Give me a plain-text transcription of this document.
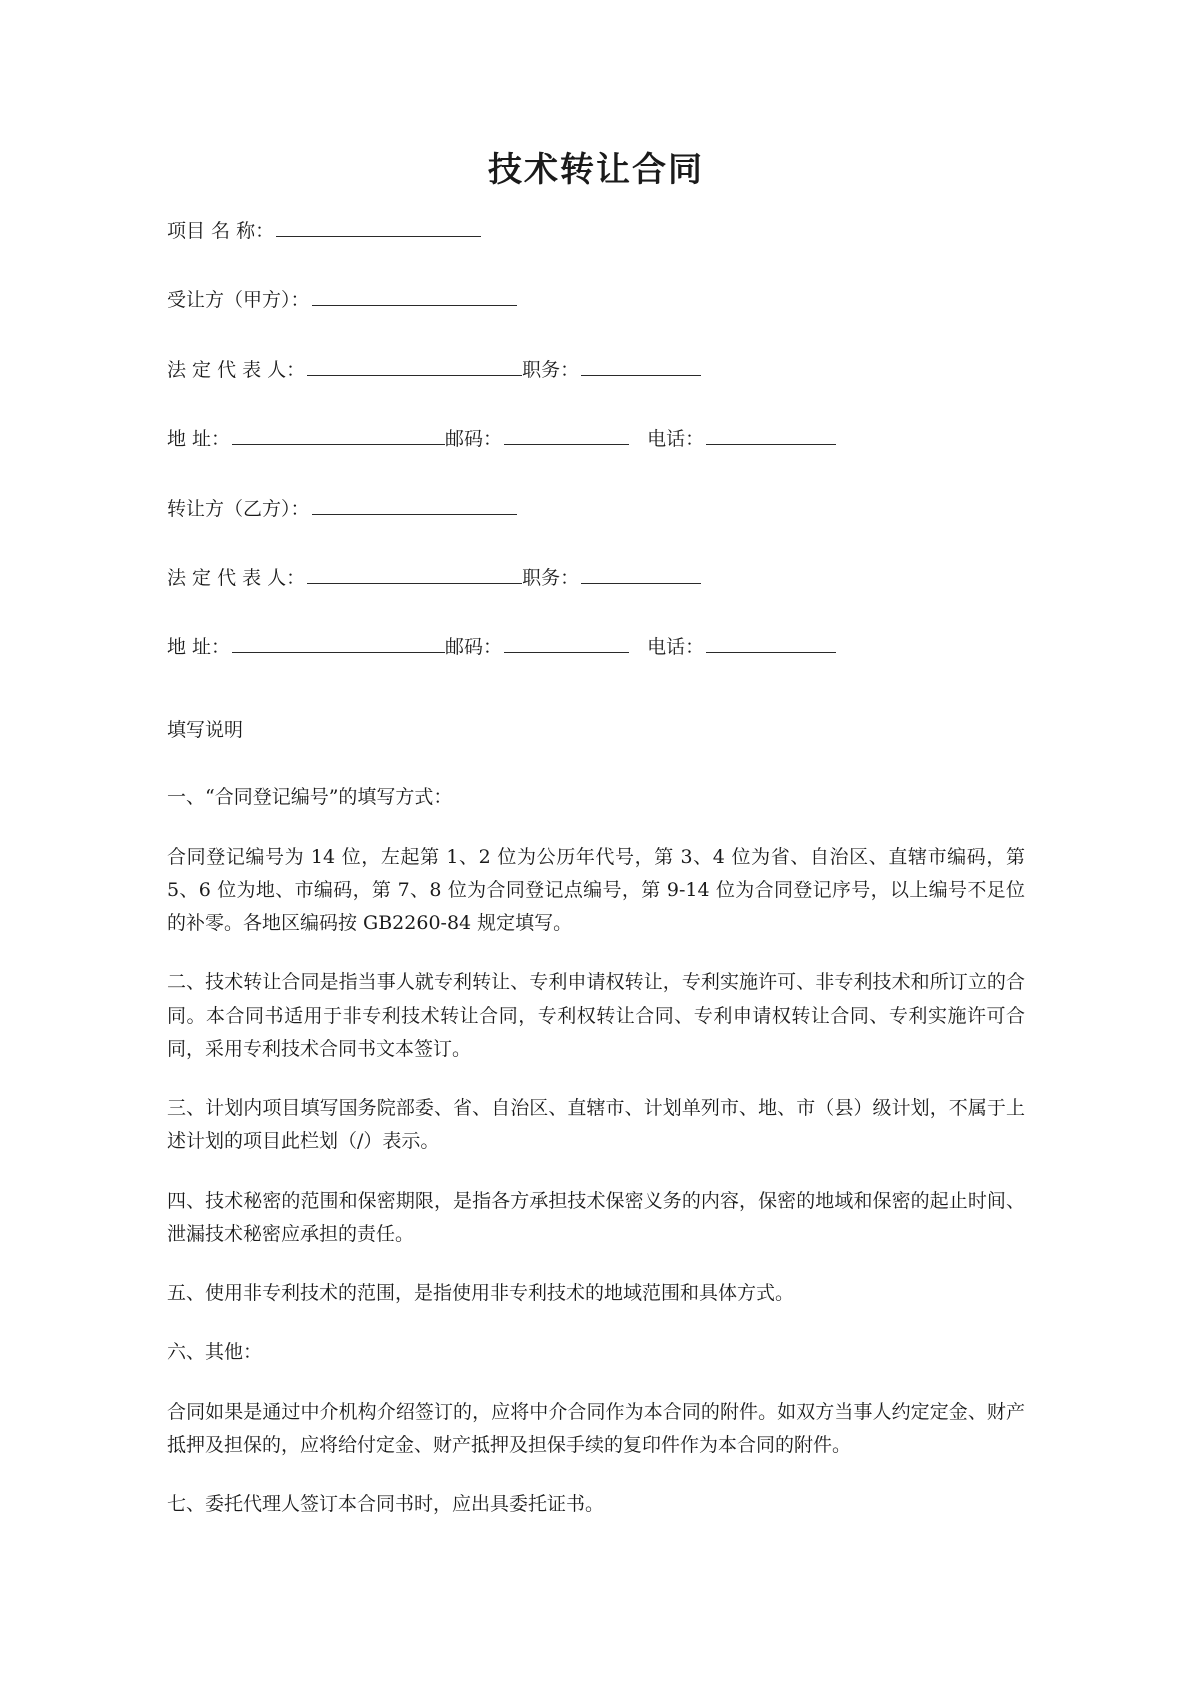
技术转让合同
项目 名 称：
受让方（甲方）：
法 定 代 表 人：	职务：
地 址：	邮码：	电话：
转让方（乙方）：
法 定 代 表 人：	职务：
地 址：	邮码：	电话：
填写说明

一、“合同登记编号”的填写方式：

合同登记编号为 14 位，左起第 1、2 位为公历年代号，第 3、4 位为省、自治区、直辖市编码，第 5、6 位为地、市编码，第 7、8 位为合同登记点编号，第 9-14 位为合同登记序号，以上编号不足位的补零。各地区编码按 GB2260-84 规定填写。

二、技术转让合同是指当事人就专利转让、专利申请权转让，专利实施许可、非专利技术和所订立的合同。本合同书适用于非专利技术转让合同，专利权转让合同、专利申请权转让合同、专利实施许可合同，采用专利技术合同书文本签订。

三、计划内项目填写国务院部委、省、自治区、直辖市、计划单列市、地、市（县）级计划，不属于上述计划的项目此栏划（/）表示。

四、技术秘密的范围和保密期限，是指各方承担技术保密义务的内容，保密的地域和保密的起止时间、泄漏技术秘密应承担的责任。

五、使用非专利技术的范围，是指使用非专利技术的地域范围和具体方式。

六、其他：

合同如果是通过中介机构介绍签订的，应将中介合同作为本合同的附件。如双方当事人约定定金、财产抵押及担保的，应将给付定金、财产抵押及担保手续的复印件作为本合同的附件。

七、委托代理人签订本合同书时，应出具委托证书。
